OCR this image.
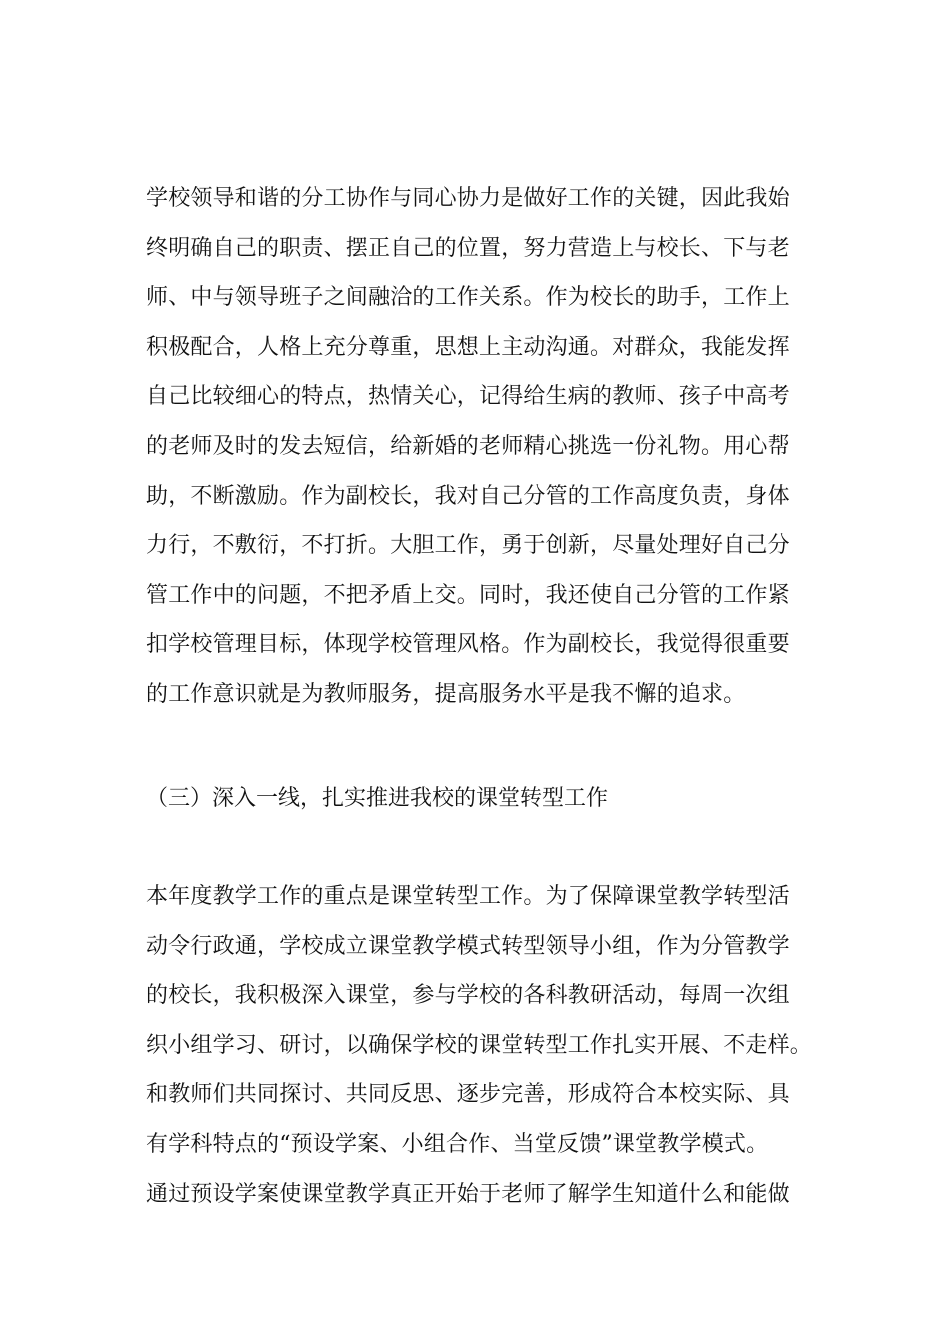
学校领导和谐的分工协作与同心协力是做好工作的关键，因此我始
终明确自己的职责、摆正自己的位置，努力营造上与校长、下与老
师、中与领导班子之间融洽的工作关系。作为校长的助手，工作上
积极配合，人格上充分尊重，思想上主动沟通。对群众，我能发挥
自己比较细心的特点，热情关心，记得给生病的教师、孩子中高考
的老师及时的发去短信，给新婚的老师精心挑选一份礼物。用心帮
助，不断激励。作为副校长，我对自己分管的工作高度负责，身体
力行，不敷衍，不打折。大胆工作，勇于创新，尽量处理好自己分
管工作中的问题，不把矛盾上交。同时，我还使自己分管的工作紧
扣学校管理目标，体现学校管理风格。作为副校长，我觉得很重要
的工作意识就是为教师服务，提高服务水平是我不懈的追求。
（三）深入一线，扎实推进我校的课堂转型工作
本年度教学工作的重点是课堂转型工作。为了保障课堂教学转型活
动令行政通，学校成立课堂教学模式转型领导小组，作为分管教学
的校长，我积极深入课堂，参与学校的各科教研活动，每周一次组
织小组学习、研讨，以确保学校的课堂转型工作扎实开展、不走样。
和教师们共同探讨、共同反思、逐步完善，形成符合本校实际、具
有学科特点的“预设学案、小组合作、当堂反馈”课堂教学模式。
通过预设学案使课堂教学真正开始于老师了解学生知道什么和能做
